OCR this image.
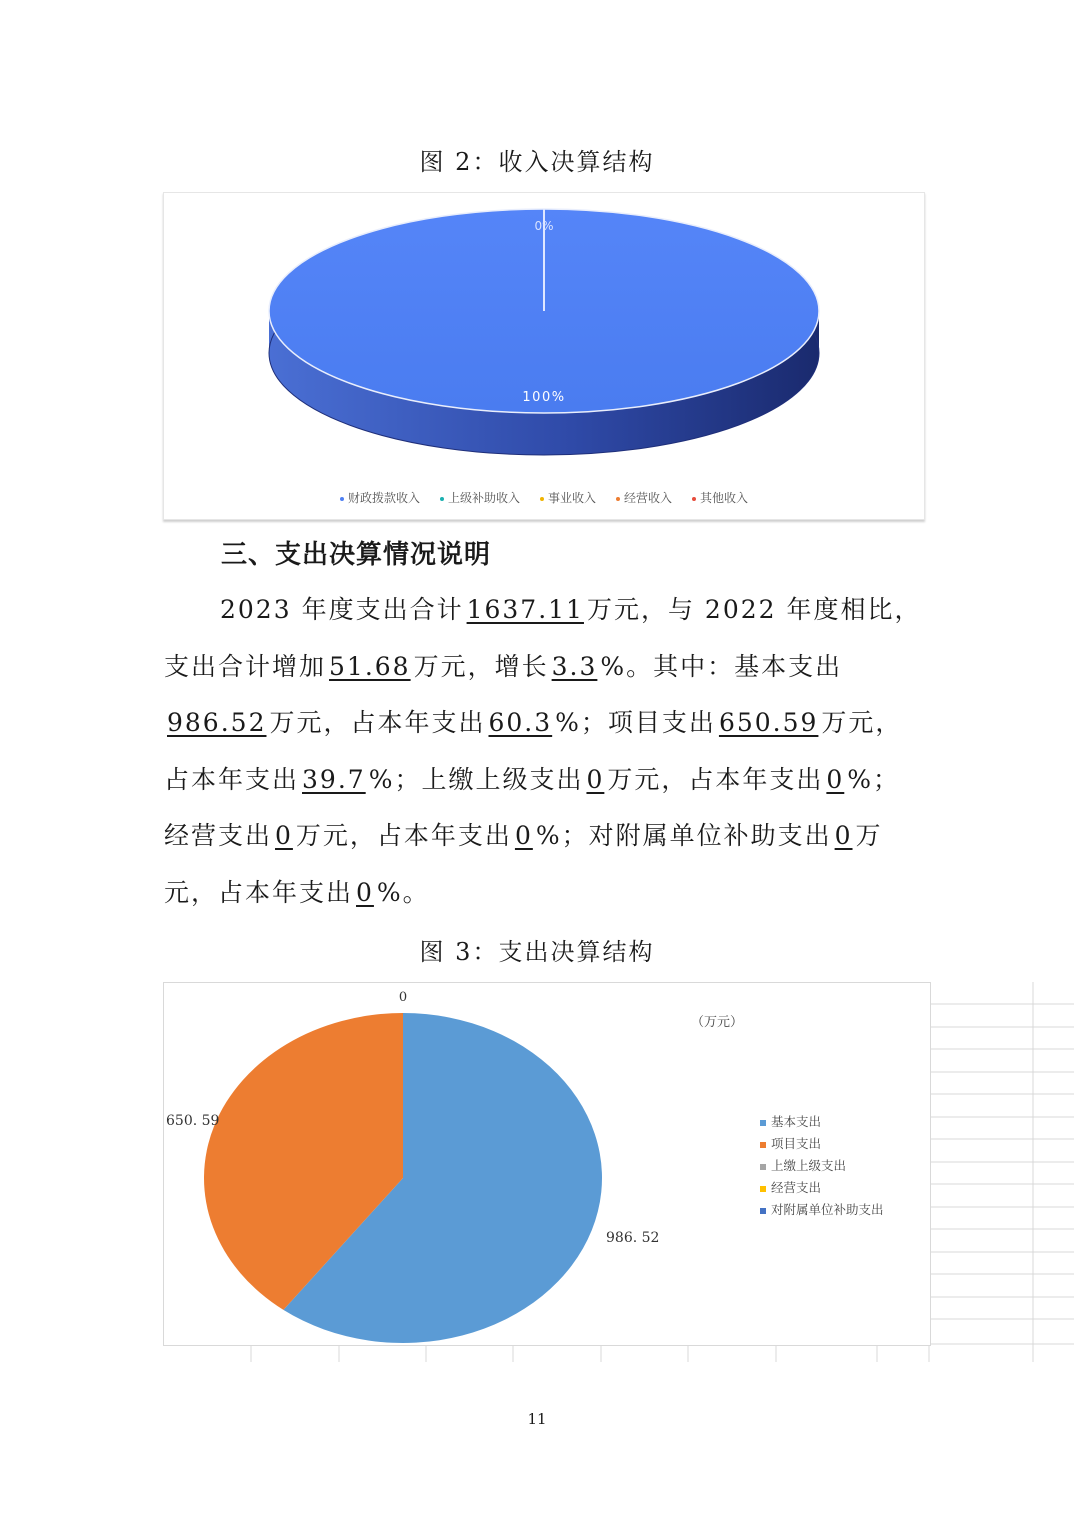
图 2：收入决算结构
0%
100%
财政拨款收入 上级补助收入 事业收入 经营收入 其他收入
三、支出决算情况说明
2023 年度支出合计 1637.11 万元，与 2022 年度相比，支出合计增加 51.68 万元，增长 3.3 %。其中：基本支出986.52 万元，占本年支出 60.3 %；项目支出 650.59 万元，占本年支出 39.7 %；上缴上级支出 0 万元，占本年支出 0 %；经营支出 0 万元，占本年支出 0 %；对附属单位补助支出 0 万元，占本年支出 0 %。
图 3：支出决算结构
986. 52
650. 59
0
（万元）
基本支出
项目支出
上缴上级支出
经营支出
对附属单位补助支出
11
